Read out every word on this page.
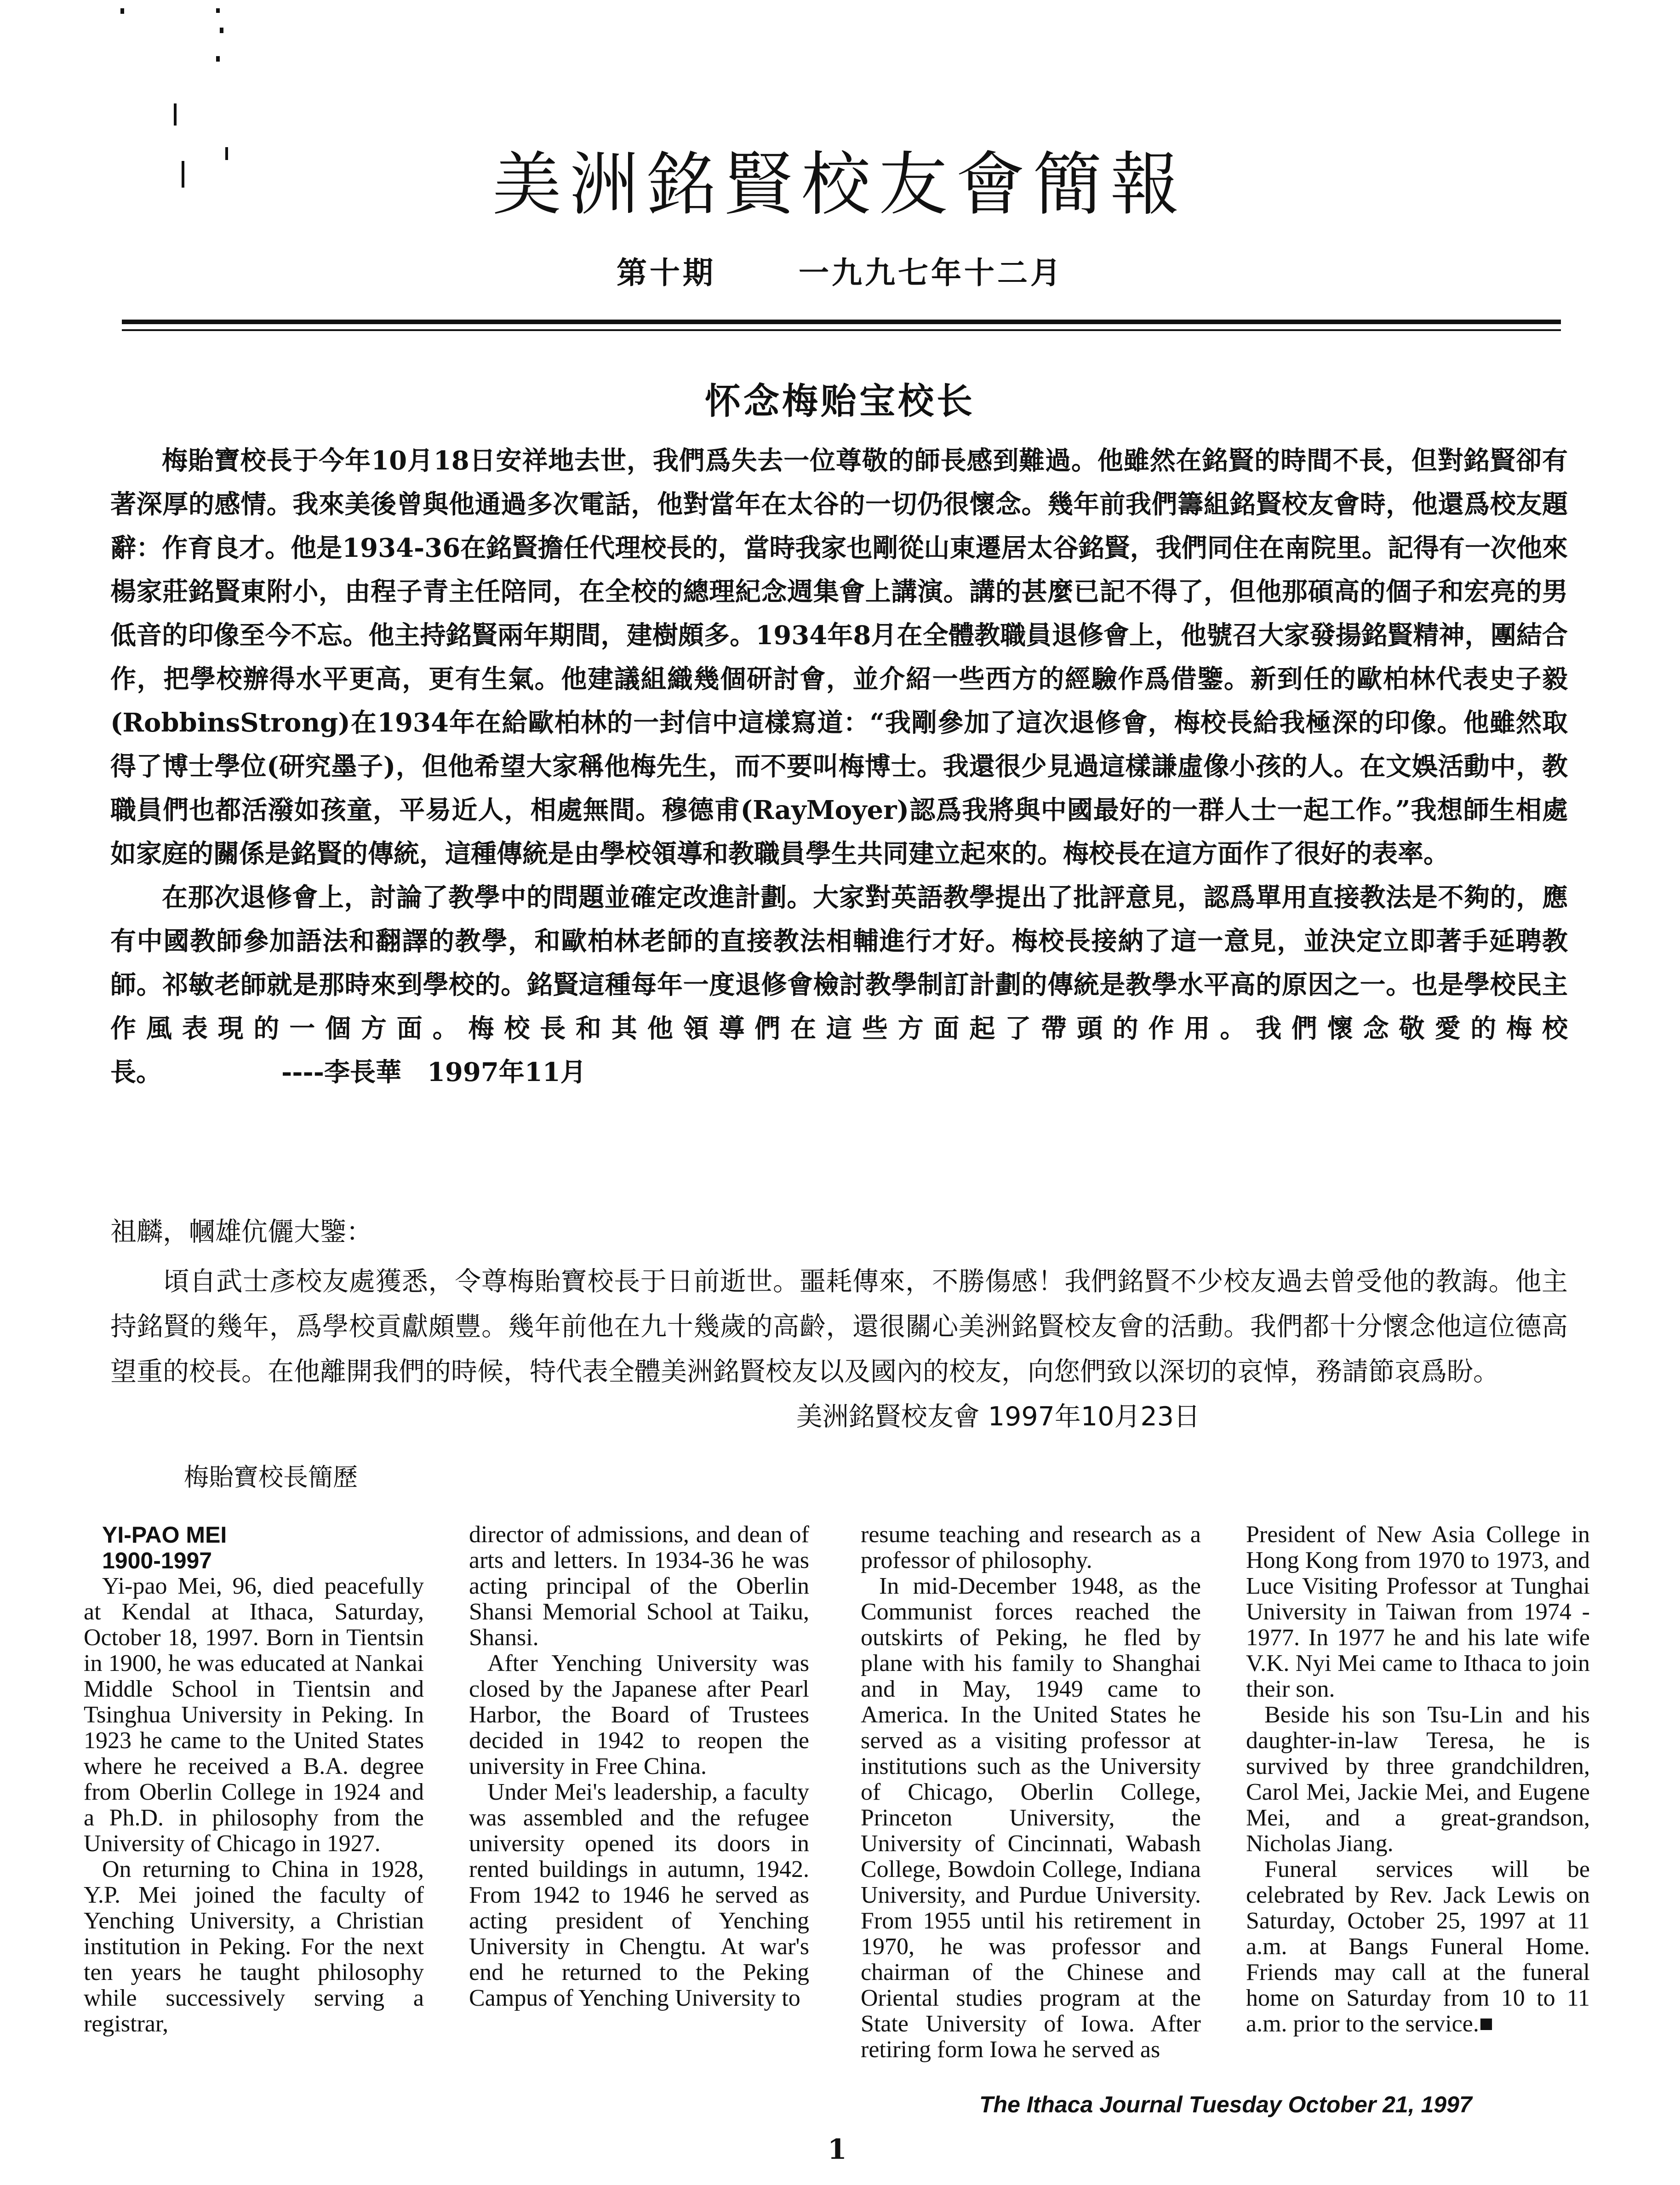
美洲銘賢校友會簡報
第十期	一九九七年十二月
怀念梅贻宝校长

梅貽寶校長于今年10月18日安祥地去世，我們爲失去一位尊敬的師長感到難過。他雖然在銘賢的時間不長，但對銘賢卻有著深厚的感情。我來美後曾與他通過多次電話，他對當年在太谷的一切仍很懷念。幾年前我們籌組銘賢校友會時，他還爲校友題辭：作育良才。他是1934-36在銘賢擔任代理校長的，當時我家也剛從山東遷居太谷銘賢，我們同住在南院里。記得有一次他來楊家莊銘賢東附小，由程子青主任陪同，在全校的總理紀念週集會上講演。講的甚麼已記不得了，但他那碩高的個子和宏亮的男低音的印像至今不忘。他主持銘賢兩年期間，建樹頗多。1934年8月在全體教職員退修會上，他號召大家發揚銘賢精神，團結合作，把學校辦得水平更高，更有生氣。他建議組織幾個研討會，並介紹一些西方的經驗作爲借鑒。新到任的歐柏林代表史子毅(RobbinsStrong)在1934年在給歐柏林的一封信中這樣寫道：“我剛參加了這次退修會，梅校長給我極深的印像。他雖然取得了博士學位(研究墨子)，但他希望大家稱他梅先生，而不要叫梅博士。我還很少見過這樣謙虛像小孩的人。在文娛活動中，教職員們也都活潑如孩童，平易近人，相處無間。穆德甫(RayMoyer)認爲我將與中國最好的一群人士一起工作。”我想師生相處如家庭的關係是銘賢的傳統，這種傳統是由學校領導和教職員學生共同建立起來的。梅校長在這方面作了很好的表率。

在那次退修會上，討論了教學中的問題並確定改進計劃。大家對英語教學提出了批評意見，認爲單用直接教法是不夠的，應有中國教師參加語法和翻譯的教學，和歐柏林老師的直接教法相輔進行才好。梅校長接納了這一意見，並決定立即著手延聘教師。祁敏老師就是那時來到學校的。銘賢這種每年一度退修會檢討教學制訂計劃的傳統是教學水平高的原因之一。也是學校民主作風表現的一個方面。梅校長和其他領導們在這些方面起了帶頭的作用。我們懷念敬愛的梅校長。	----李長華　1997年11月

祖麟，幗雄伉儷大鑒：

頃自武士彥校友處獲悉，令尊梅貽寶校長于日前逝世。噩耗傳來，不勝傷感！我們銘賢不少校友過去曾受他的教誨。他主持銘賢的幾年，爲學校貢獻頗豐。幾年前他在九十幾歲的高齡，還很關心美洲銘賢校友會的活動。我們都十分懷念他這位德高望重的校長。在他離開我們的時候，特代表全體美洲銘賢校友以及國內的校友，向您們致以深切的哀悼，務請節哀爲盼。

美洲銘賢校友會 1997年10月23日

梅貽寶校長簡歷

YI-PAO MEI

1900-1997

Yi-pao Mei, 96, died peacefully at Kendal at Ithaca, Saturday, October 18, 1997. Born in Tientsin in 1900, he was educated at Nankai Middle School in Tientsin and Tsinghua University in Peking. In 1923 he came to the United States where he received a B.A. degree from Oberlin College in 1924 and a Ph.D. in philosophy from the University of Chicago in 1927.

On returning to China in 1928, Y.P. Mei joined the faculty of Yenching University, a Christian institution in Peking. For the next ten years he taught philosophy while successively serving a registrar,

director of admissions, and dean of arts and letters. In 1934-36 he was acting principal of the Oberlin Shansi Memorial School at Taiku, Shansi.

After Yenching University was closed by the Japanese after Pearl Harbor, the Board of Trustees decided in 1942 to reopen the university in Free China.

Under Mei's leadership, a faculty was assembled and the refugee university opened its doors in rented buildings in autumn, 1942. From 1942 to 1946 he served as acting president of Yenching University in Chengtu. At war's end he returned to the Peking Campus of Yenching University to

resume teaching and research as a professor of philosophy.

In mid-December 1948, as the Communist forces reached the outskirts of Peking, he fled by plane with his family to Shanghai and in May, 1949 came to America. In the United States he served as a visiting professor at institutions such as the University of Chicago, Oberlin College, Princeton University, the University of Cincinnati, Wabash College, Bowdoin College, Indiana University, and Purdue University. From 1955 until his retirement in 1970, he was professor and chairman of the Chinese and Oriental studies program at the State University of Iowa. After retiring form Iowa he served as

President of New Asia College in Hong Kong from 1970 to 1973, and Luce Visiting Professor at Tunghai University in Taiwan from 1974 - 1977. In 1977 he and his late wife V.K. Nyi Mei came to Ithaca to join their son.

Beside his son Tsu-Lin and his daughter-in-law Teresa, he is survived by three grandchildren, Carol Mei, Jackie Mei, and Eugene Mei, and a great-grandson, Nicholas Jiang.

Funeral services will be celebrated by Rev. Jack Lewis on Saturday, October 25, 1997 at 11 a.m. at Bangs Funeral Home. Friends may call at the funeral home on Saturday from 10 to 11 a.m. prior to the service.■

The Ithaca Journal Tuesday October 21, 1997
1
